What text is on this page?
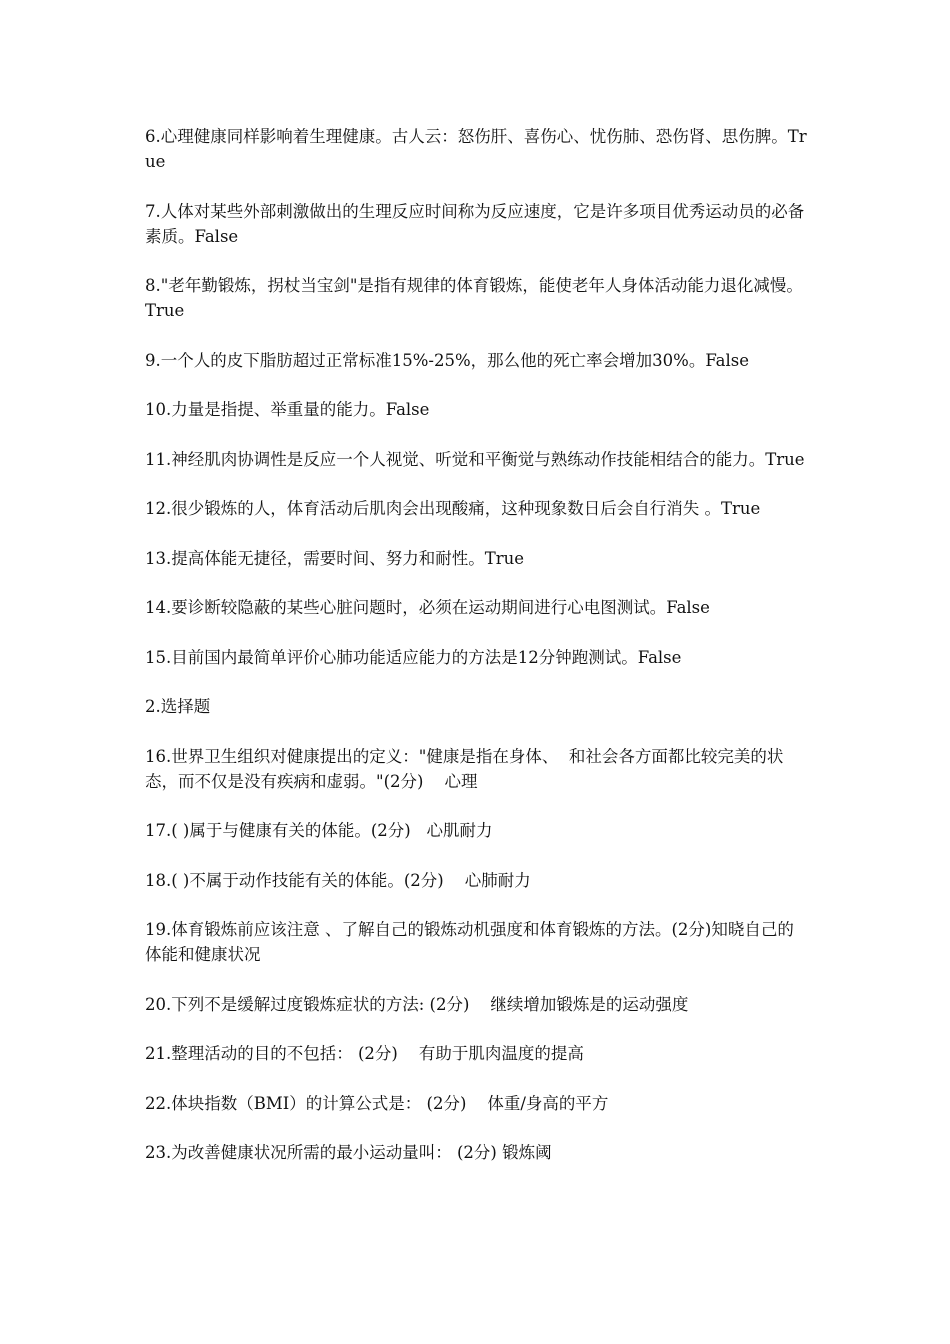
6.心理健康同样影响着生理健康。古人云：怒伤肝、喜伤心、忧伤肺、恐伤肾、思伤脾。True

7.人体对某些外部刺激做出的生理反应时间称为反应速度，它是许多项目优秀运动员的必备素质。False

8."老年勤锻炼，拐杖当宝剑"是指有规律的体育锻炼，能使老年人身体活动能力退化减慢。True

9.一个人的皮下脂肪超过正常标准15%-25%，那么他的死亡率会增加30%。False

10.力量是指提、举重量的能力。False

11.神经肌肉协调性是反应一个人视觉、听觉和平衡觉与熟练动作技能相结合的能力。True

12.很少锻炼的人，体育活动后肌肉会出现酸痛，这种现象数日后会自行消失 。True

13.提高体能无捷径，需要时间、努力和耐性。True

14.要诊断较隐蔽的某些心脏问题时，必须在运动期间进行心电图测试。False

15.目前国内最简单评价心肺功能适应能力的方法是12分钟跑测试。False

2.选择题

16.世界卫生组织对健康提出的定义："健康是指在身体、  和社会各方面都比较完美的状态，而不仅是没有疾病和虚弱。"(2分)    心理

17.( )属于与健康有关的体能。(2分)   心肌耐力

18.( )不属于动作技能有关的体能。(2分)    心肺耐力

19.体育锻炼前应该注意 、了解自己的锻炼动机强度和体育锻炼的方法。(2分)知晓自己的体能和健康状况

20.下列不是缓解过度锻炼症状的方法: (2分)    继续增加锻炼是的运动强度

21.整理活动的目的不包括： (2分)    有助于肌肉温度的提高

22.体块指数（BMI）的计算公式是： (2分)    体重/身高的平方

23.为改善健康状况所需的最小运动量叫： (2分) 锻炼阈
